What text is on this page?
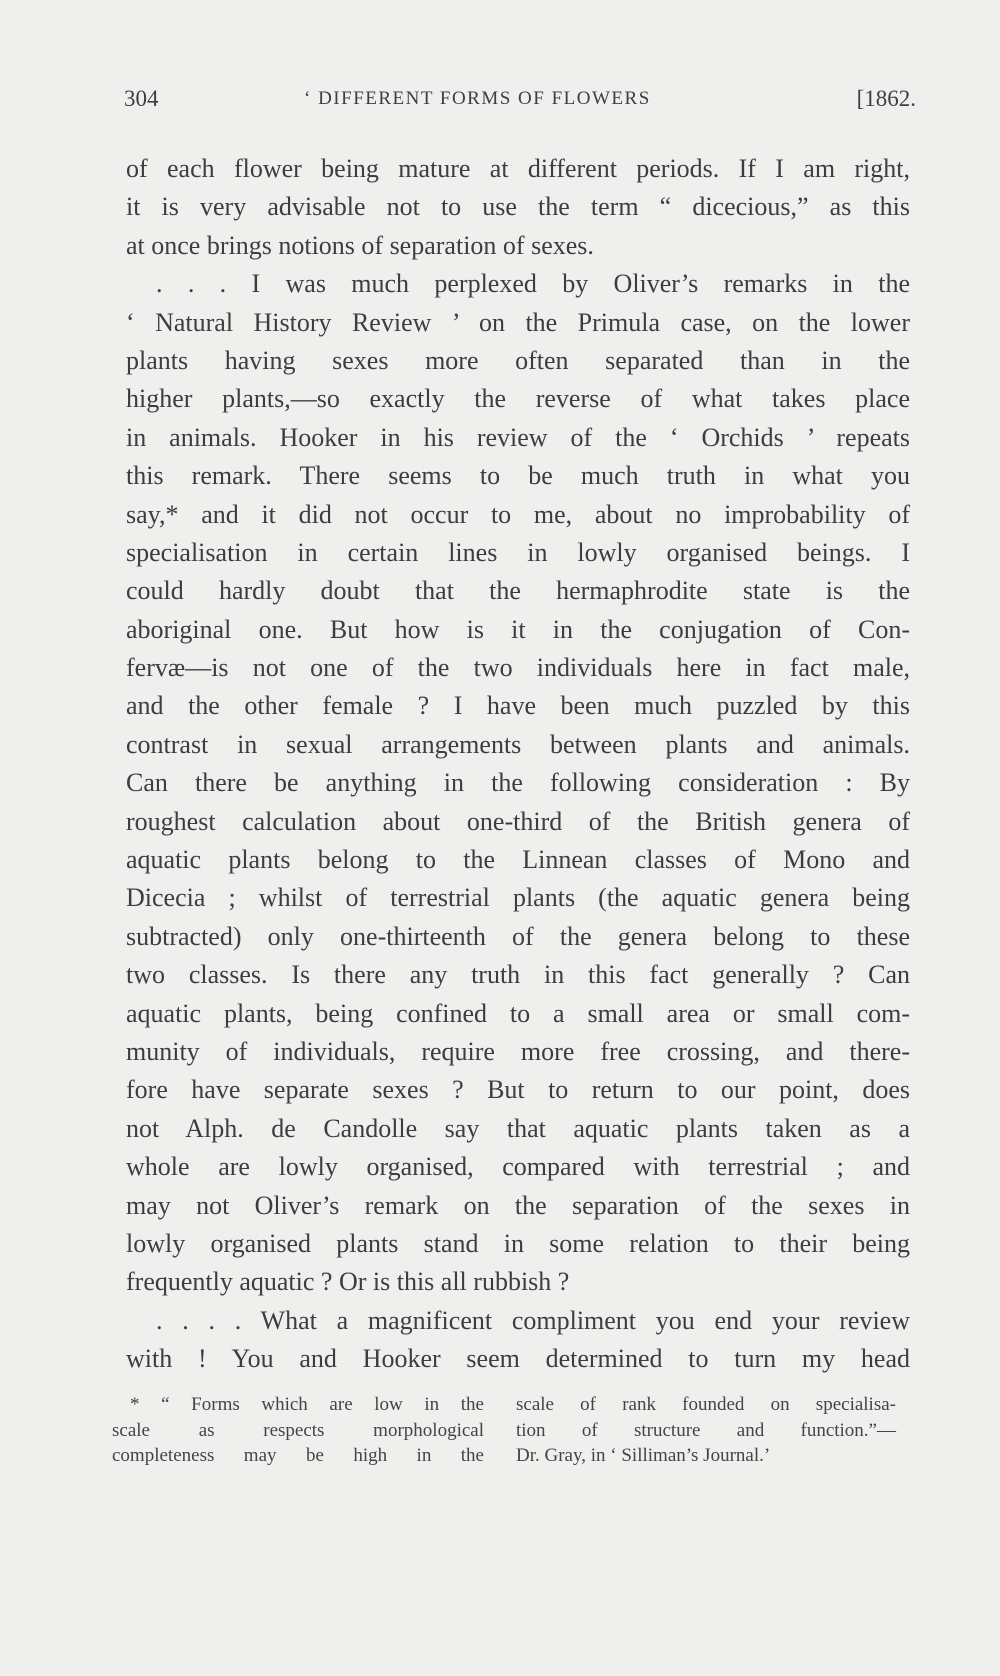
304	‘ DIFFERENT FORMS OF FLOWERS	[1862.
of each flower being mature at different periods. If I am right,
it is very advisable not to use the term “ dicecious,” as this
at once brings notions of separation of sexes.
. . . I was much perplexed by Oliver’s remarks in the
‘ Natural History Review ’ on the Primula case, on the lower
plants having sexes more often separated than in the
higher plants,—so exactly the reverse of what takes place
in animals. Hooker in his review of the ‘ Orchids ’ repeats
this remark. There seems to be much truth in what you
say,* and it did not occur to me, about no improbability of
specialisation in certain lines in lowly organised beings. I
could hardly doubt that the hermaphrodite state is the
aboriginal one. But how is it in the conjugation of Con-
fervæ—is not one of the two individuals here in fact male,
and the other female ? I have been much puzzled by this
contrast in sexual arrangements between plants and animals.
Can there be anything in the following consideration : By
roughest calculation about one-third of the British genera of
aquatic plants belong to the Linnean classes of Mono and
Dicecia ; whilst of terrestrial plants (the aquatic genera being
subtracted) only one-thirteenth of the genera belong to these
two classes. Is there any truth in this fact generally ? Can
aquatic plants, being confined to a small area or small com-
munity of individuals, require more free crossing, and there-
fore have separate sexes ? But to return to our point, does
not Alph. de Candolle say that aquatic plants taken as a
whole are lowly organised, compared with terrestrial ; and
may not Oliver’s remark on the separation of the sexes in
lowly organised plants stand in some relation to their being
frequently aquatic ? Or is this all rubbish ?
. . . . What a magnificent compliment you end your review
with ! You and Hooker seem determined to turn my head
* “ Forms which are low in the
scale as respects morphological
completeness may be high in the
scale of rank founded on specialisa-
tion of structure and function.”—
Dr. Gray, in ‘ Silliman’s Journal.’
